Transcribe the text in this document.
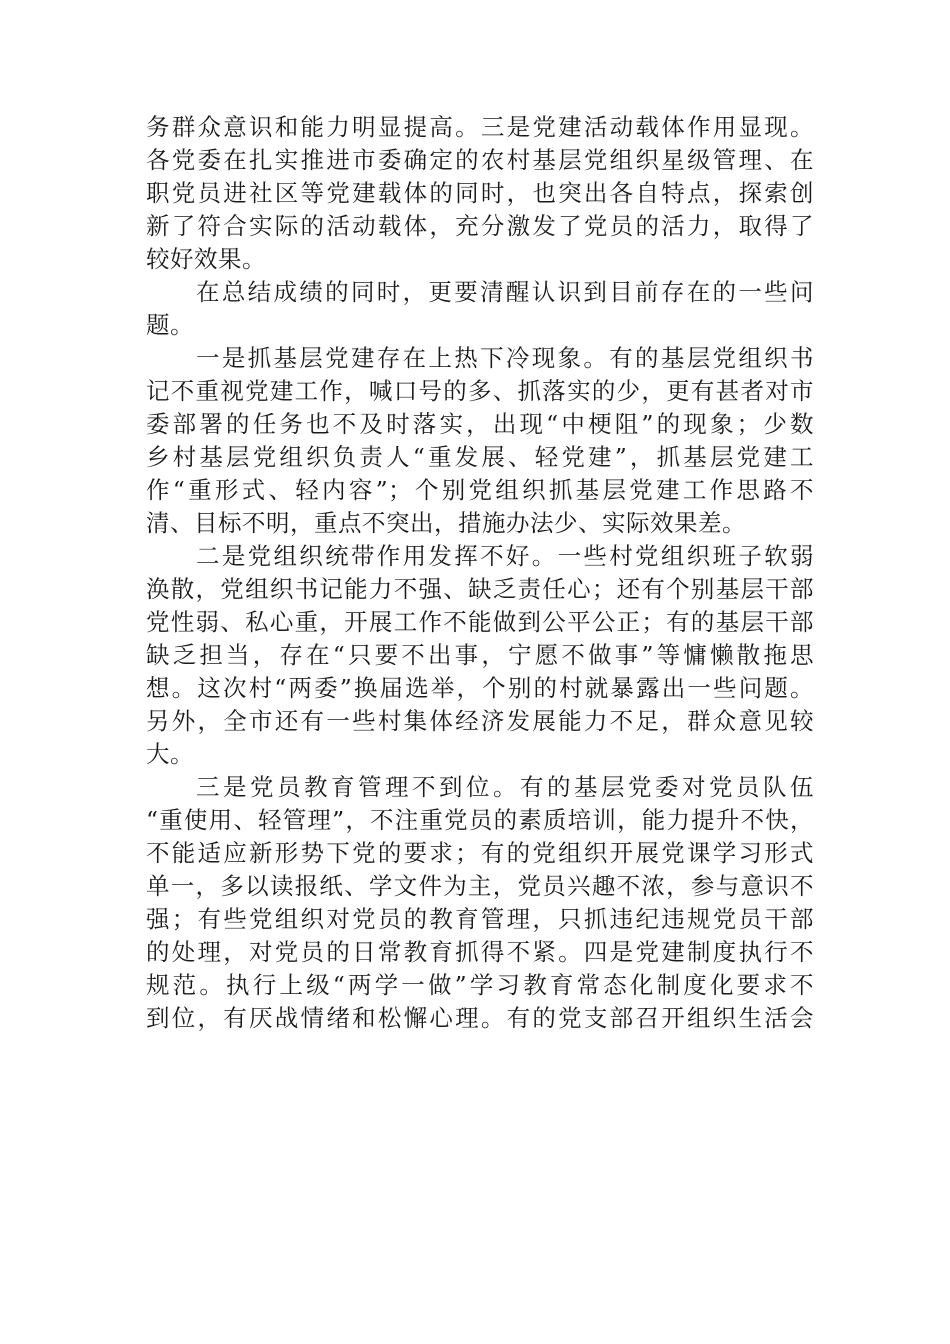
务群众意识和能力明显提高。三是党建活动载体作用显现。
各党委在扎实推进市委确定的农村基层党组织星级管理、在
职党员进社区等党建载体的同时，也突出各自特点，探索创
新了符合实际的活动载体，充分激发了党员的活力，取得了
较好效果。
在总结成绩的同时，更要清醒认识到目前存在的一些问
题。
一是抓基层党建存在上热下冷现象。有的基层党组织书
记不重视党建工作，喊口号的多、抓落实的少，更有甚者对市
委部署的任务也不及时落实，出现“中梗阻”的现象；少数
乡村基层党组织负责人“重发展、轻党建”，抓基层党建工
作“重形式、轻内容”；个别党组织抓基层党建工作思路不
清、目标不明，重点不突出，措施办法少、实际效果差。
二是党组织统带作用发挥不好。一些村党组织班子软弱
涣散，党组织书记能力不强、缺乏责任心；还有个别基层干部
党性弱、私心重，开展工作不能做到公平公正；有的基层干部
缺乏担当，存在“只要不出事，宁愿不做事”等慵懒散拖思
想。这次村“两委”换届选举，个别的村就暴露出一些问题。
另外，全市还有一些村集体经济发展能力不足，群众意见较
大。
三是党员教育管理不到位。有的基层党委对党员队伍
“重使用、轻管理”，不注重党员的素质培训，能力提升不快，
不能适应新形势下党的要求；有的党组织开展党课学习形式
单一，多以读报纸、学文件为主，党员兴趣不浓，参与意识不
强；有些党组织对党员的教育管理，只抓违纪违规党员干部
的处理，对党员的日常教育抓得不紧。四是党建制度执行不
规范。执行上级“两学一做”学习教育常态化制度化要求不
到位，有厌战情绪和松懈心理。有的党支部召开组织生活会
